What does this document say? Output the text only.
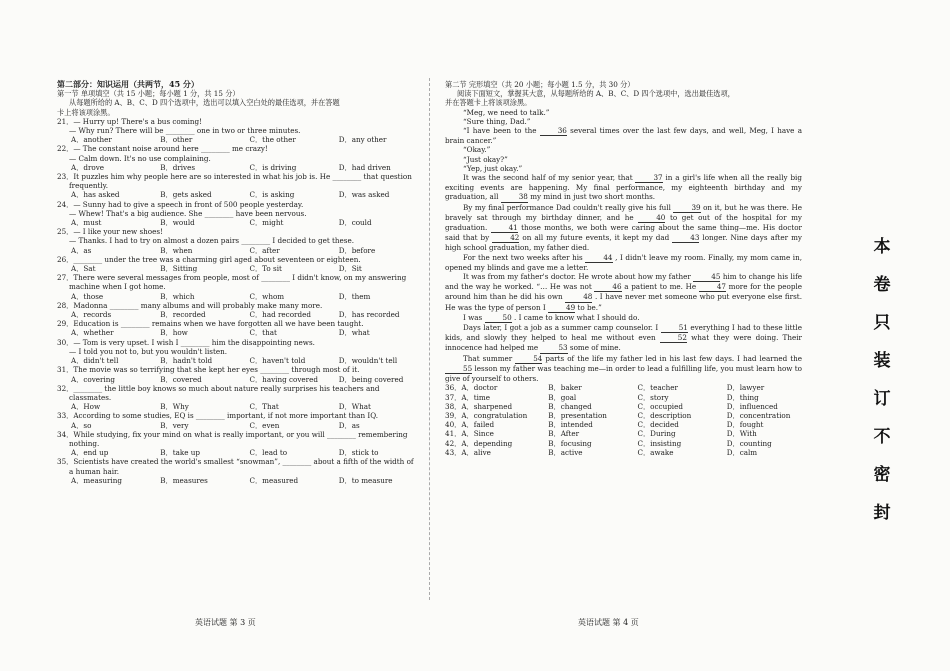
第二部分：知识运用（共两节，45 分）
第一节 单项填空（共 15 小题；每小题 1 分，共 15 分）
从每题所给的 A、B、C、D 四个选项中，选出可以填入空白处的最佳选项，并在答题
卡上将该项涂黑。
21．— Hurry up! There's a bus coming!
— Why run? There will be ________ one in two or three minutes.
A．another	B．other	C．the other	D．any other
22．— The constant noise around here ________ me crazy!
— Calm down. It's no use complaining.
A．drove	B．drives	C．is driving	D．had driven
23．It puzzles him why people here are so interested in what his job is. He ________ that question
frequently.
A．has asked	B．gets asked	C．is asking	D．was asked
24．— Sunny had to give a speech in front of 500 people yesterday.
— Whew! That's a big audience. She ________ have been nervous.
A．must	B．would	C．might	D．could
25．— I like your new shoes!
— Thanks. I had to try on almost a dozen pairs ________ I decided to get these.
A．as	B．when	C．after	D．before
26．________ under the tree was a charming girl aged about seventeen or eighteen.
A．Sat	B．Sitting	C．To sit	D．Sit
27．There were several messages from people, most of ________ I didn't know, on my answering
machine when I got home.
A．those	B．which	C．whom	D．them
28．Madonna ________ many albums and will probably make many more.
A．records	B．recorded	C．had recorded	D．has recorded
29．Education is ________ remains when we have forgotten all we have been taught.
A．whether	B．how	C．that	D．what
30．— Tom is very upset. I wish I ________ him the disappointing news.
— I told you not to, but you wouldn't listen.
A．didn't tell	B．hadn't told	C．haven't told	D．wouldn't tell
31．The movie was so terrifying that she kept her eyes ________ through most of it.
A．covering	B．covered	C．having covered	D．being covered
32．________ the little boy knows so much about nature really surprises his teachers and
classmates.
A．How	B．Why	C．That	D．What
33．According to some studies, EQ is ________ important, if not more important than IQ.
A．so	B．very	C．even	D．as
34．While studying, fix your mind on what is really important, or you will ________ remembering
nothing.
A．end up	B．take up	C．lead to	D．stick to
35．Scientists have created the world's smallest “snowman”, ________ about a fifth of the width of
a human hair.
A．measuring	B．measures	C．measured	D．to measure
第二节 完形填空（共 20 小题；每小题 1.5 分，共 30 分）
阅读下面短文，掌握其大意，从每题所给的 A、B、C、D 四个选项中，选出最佳选项，
并在答题卡上将该项涂黑。
“Meg, we need to talk.”
“Sure thing, Dad.”
“I have been to the	36 several times over the last few days, and well, Meg, I have a brain cancer.”
“Okay.”
“Just okay?”
“Yep, just okay.”
It was the second half of my senior year, that	37 in a girl's life when all the really big exciting events are happening. My final performance, my eighteenth birthday and my graduation, all	38 my mind in just two short months.
By my final performance Dad couldn't really give his full	39 on it, but he was there. He bravely sat through my birthday dinner, and he	40 to get out of the hospital for my graduation.	41 those months, we both were caring about the same thing—me. His doctor said that by	42 on all my future events, it kept my dad	43 longer. Nine days after my high school graduation, my father died.
For the next two weeks after his	44 , I didn't leave my room. Finally, my mom came in, opened my blinds and gave me a letter.
It was from my father's doctor. He wrote about how my father	45 him to change his life and the way he worked. “… He was not	46 a patient to me. He	47 more for the people around him than he did his own	48 . I have never met someone who put everyone else first. He was the type of person I	49 to be.”
I was	50 . I came to know what I should do.
Days later, I got a job as a summer camp counselor. I	51 everything I had to these little kids, and slowly they helped to heal me without even	52 what they were doing. Their innocence had helped me	53 some of mine.
That summer	54 parts of the life my father led in his last few days. I had learned the 55 lesson my father was teaching me—in order to lead a fulfilling life, you must learn how to give of yourself to others.
36．A．doctor	B．baker	C．teacher	D．lawyer
37．A．time	B．goal	C．story	D．thing
38．A．sharpened	B．changed	C．occupied	D．influenced
39．A．congratulation	B．presentation	C．description	D．concentration
40．A．failed	B．intended	C．decided	D．fought
41．A．Since	B．After	C．During	D．With
42．A．depending	B．focusing	C．insisting	D．counting
43．A．alive	B．active	C．awake	D．calm
英语试题 第 3 页	英语试题 第 4 页
本
卷
只
装
订
不
密
封
